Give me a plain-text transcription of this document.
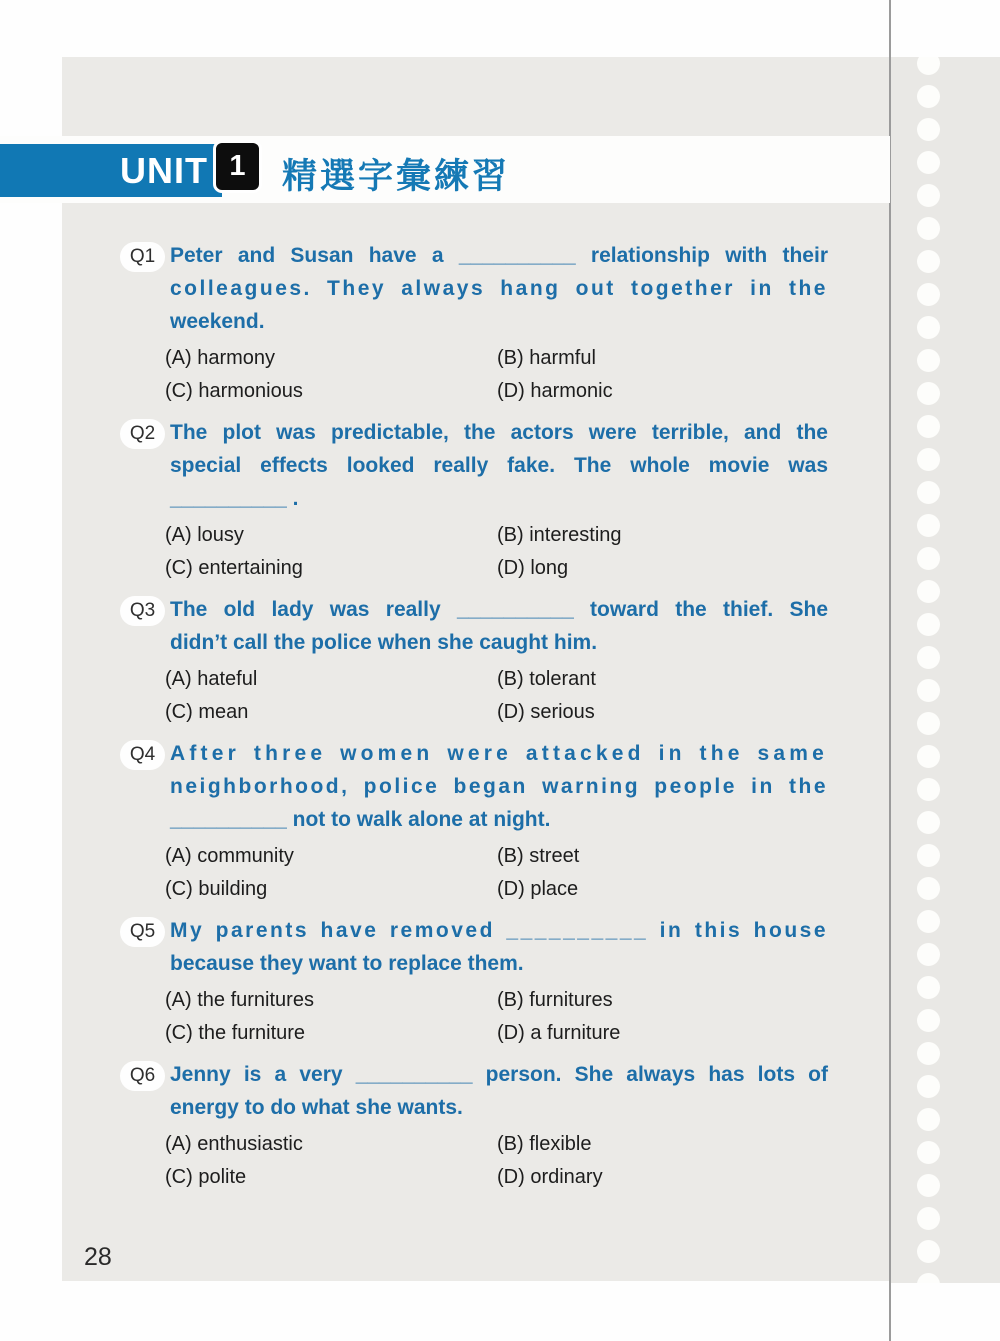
UNIT 1 精選字彙練習
Q1 Peter and Susan have a __________ relationship with their
colleagues. They always hang out together in the
weekend.
(A) harmony	(B) harmful
(C) harmonious	(D) harmonic
Q2 The plot was predictable, the actors were terrible, and the
special effects looked really fake. The whole movie was
__________ .
(A) lousy	(B) interesting
(C) entertaining	(D) long
Q3 The old lady was really __________ toward the thief. She
didn’t call the police when she caught him.
(A) hateful	(B) tolerant
(C) mean	(D) serious
Q4 After three women were attacked in the same
neighborhood, police began warning people in the
__________ not to walk alone at night.
(A) community	(B) street
(C) building	(D) place
Q5 My parents have removed __________ in this house
because they want to replace them.
(A) the furnitures	(B) furnitures
(C) the furniture	(D) a furniture
Q6 Jenny is a very __________ person. She always has lots of
energy to do what she wants.
(A) enthusiastic	(B) flexible
(C) polite	(D) ordinary
28
